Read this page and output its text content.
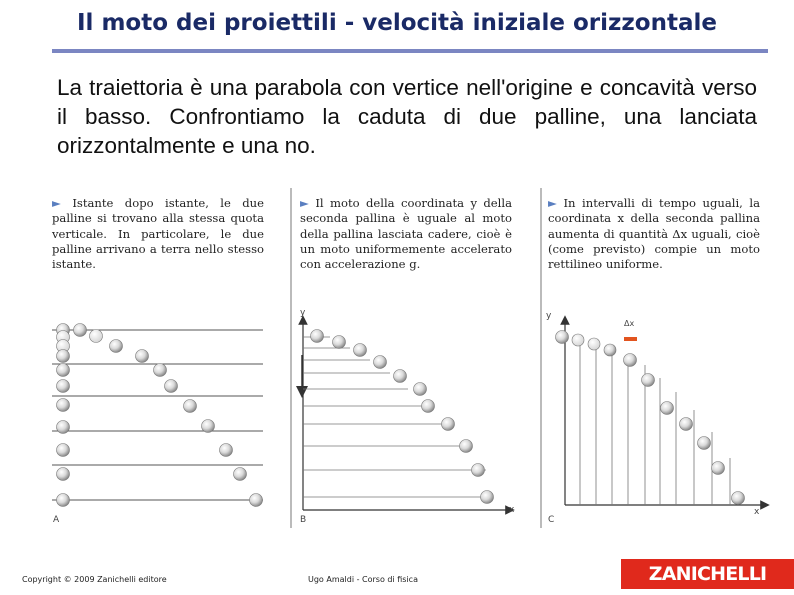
Il moto dei proiettili - velocità iniziale orizzontale
La traiettoria è una parabola con vertice nell'origine e concavità verso il basso. Confrontiamo la caduta di due palline, una lanciata orizzontalmente e una no.
► Istante dopo istante, le due palline si trovano alla stessa quota verticale. In particolare, le due palline arrivano a terra nello stesso istante.
► Il moto della coordinata y della seconda pallina è uguale al moto della pallina lasciata cadere, cioè è un moto uniformemente accelerato con accelerazione g.
► In intervalli di tempo uguali, la coordinata x della seconda pallina aumenta di quantità Δx uguali, cioè (come previsto) compie un moto rettilineo uniforme.
y
x
y
x
Δx
A	B	C
Copyright © 2009 Zanichelli editore	Ugo Amaldi - Corso di fisica	ZANICHELLI
